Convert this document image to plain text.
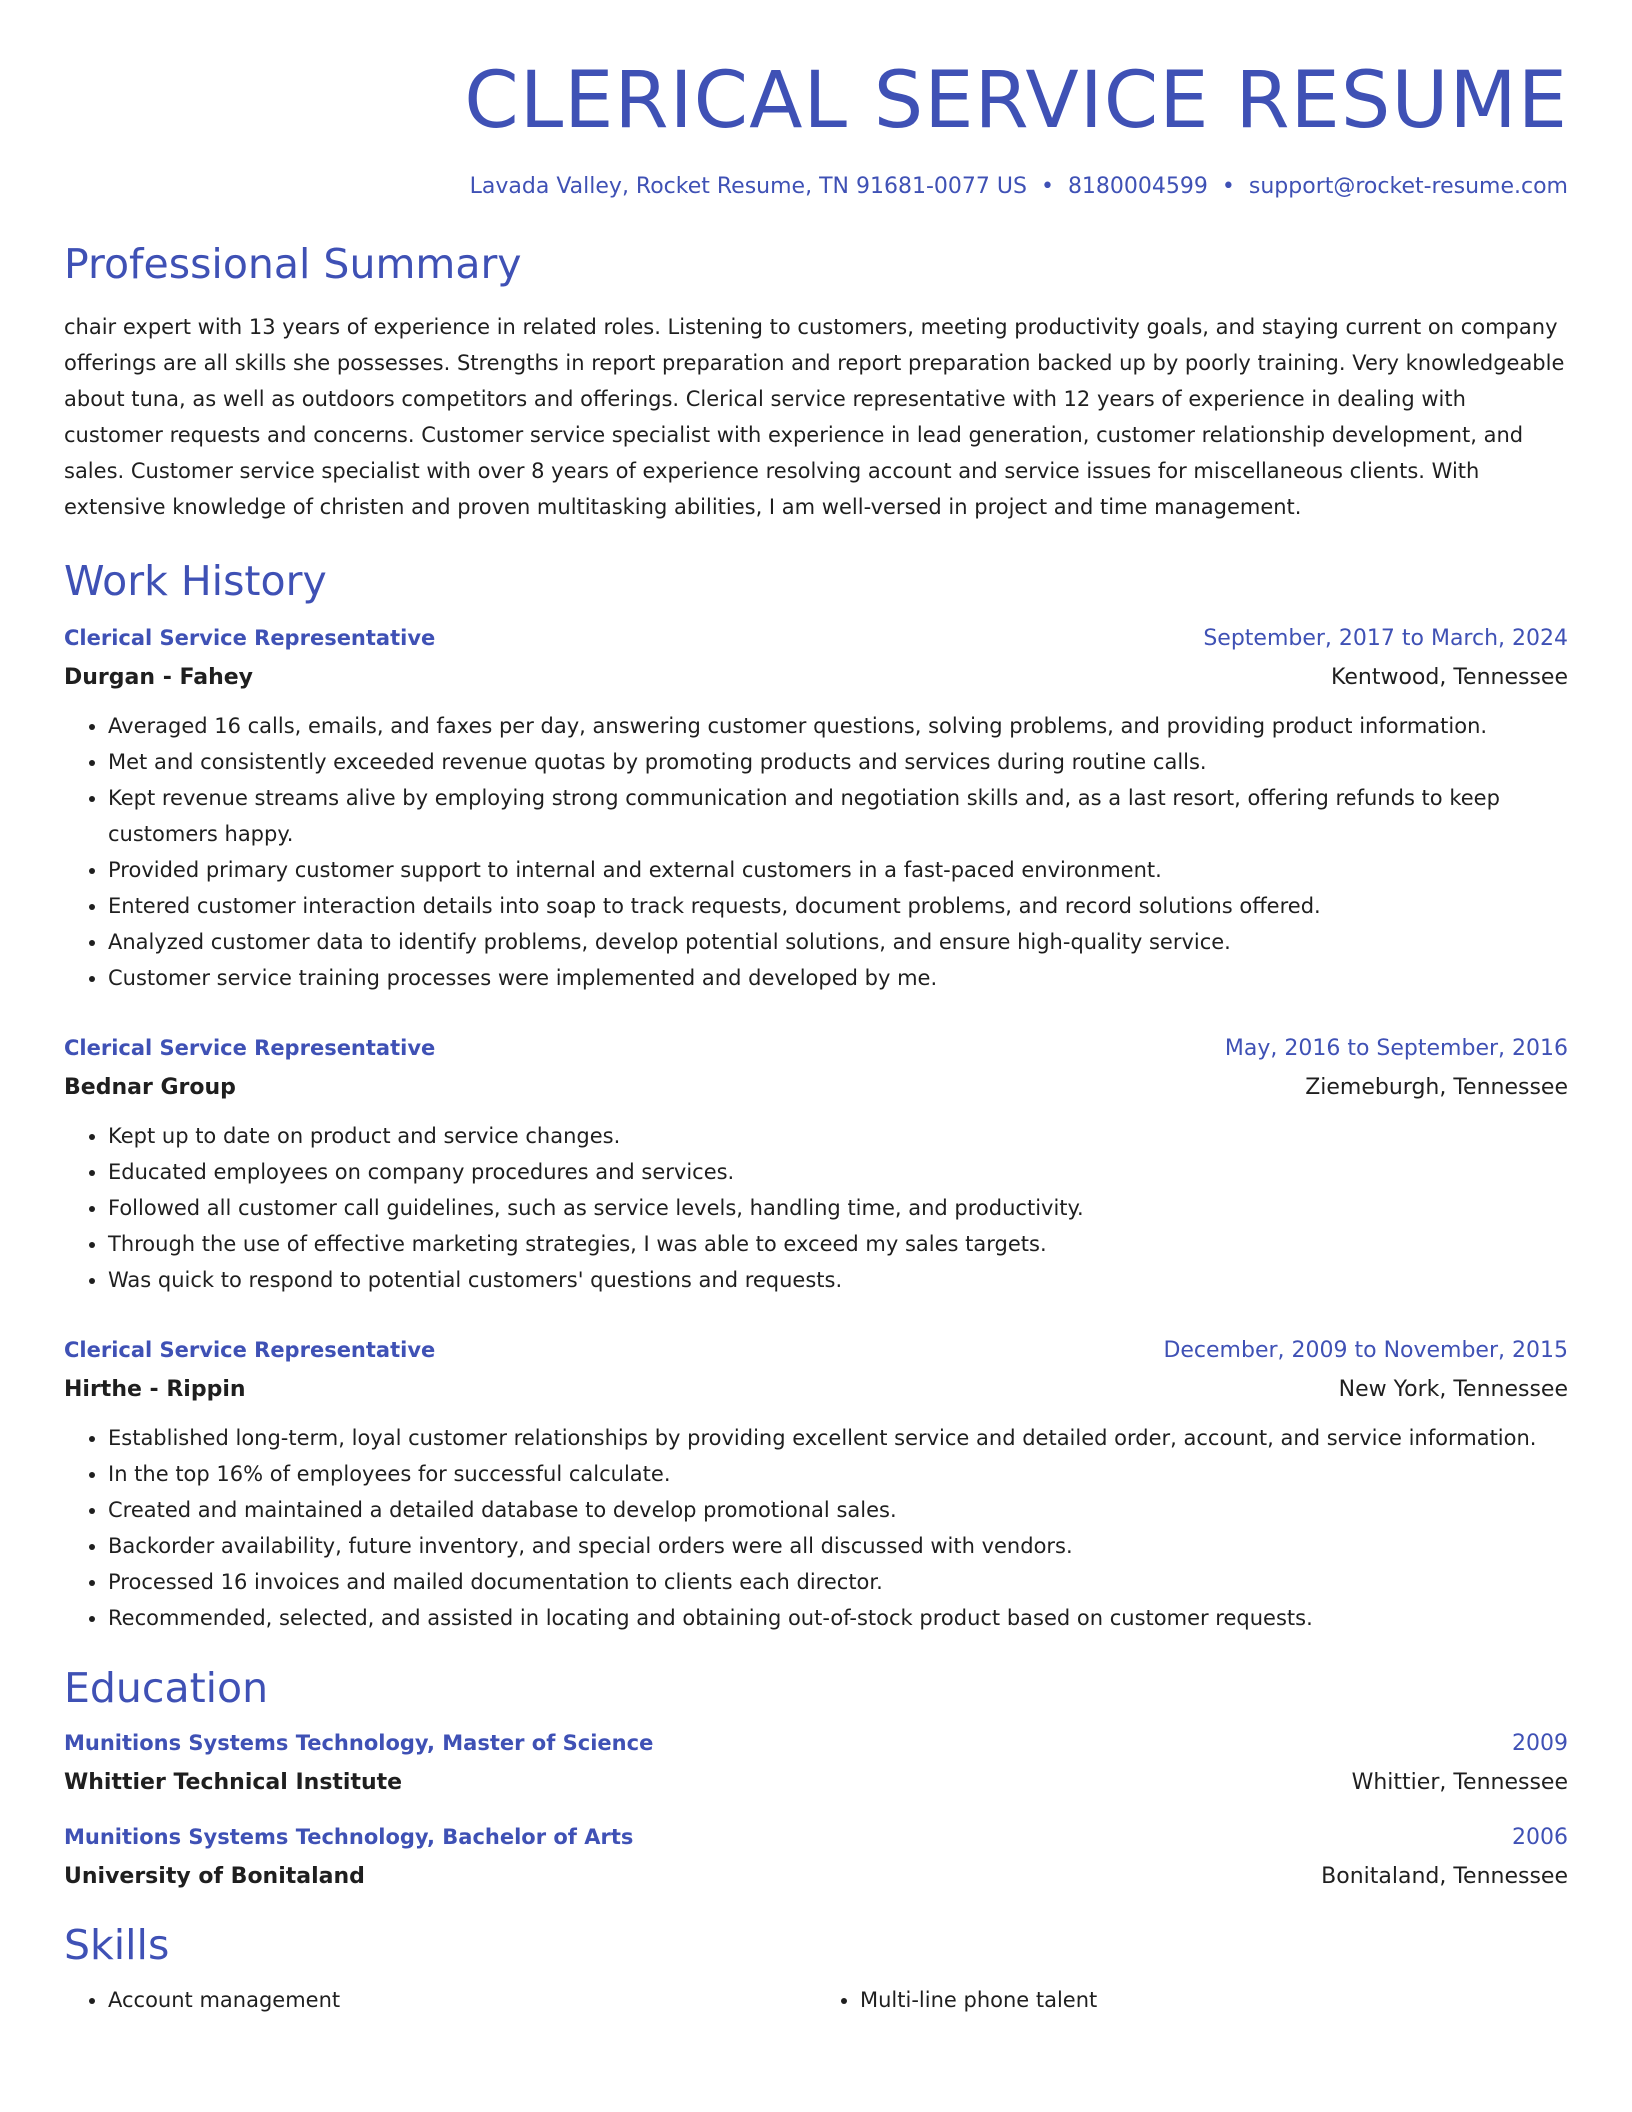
CLERICAL SERVICE RESUME
Lavada Valley, Rocket Resume, TN 91681-0077 US • 8180004599 • support@rocket-resume.com
Professional Summary

chair expert with 13 years of experience in related roles. Listening to customers, meeting productivity goals, and staying current on company offerings are all skills she possesses. Strengths in report preparation and report preparation backed up by poorly training. Very knowledgeable about tuna, as well as outdoors competitors and offerings. Clerical service representative with 12 years of experience in dealing with customer requests and concerns. Customer service specialist with experience in lead generation, customer relationship development, and sales. Customer service specialist with over 8 years of experience resolving account and service issues for miscellaneous clients. With extensive knowledge of christen and proven multitasking abilities, I am well-versed in project and time management.

Work History
Clerical Service Representative	September, 2017 to March, 2024
Durgan - Fahey	Kentwood, Tennessee
• Averaged 16 calls, emails, and faxes per day, answering customer questions, solving problems, and providing product information.
• Met and consistently exceeded revenue quotas by promoting products and services during routine calls.
• Kept revenue streams alive by employing strong communication and negotiation skills and, as a last resort, offering refunds to keep customers happy.
• Provided primary customer support to internal and external customers in a fast-paced environment.
• Entered customer interaction details into soap to track requests, document problems, and record solutions offered.
• Analyzed customer data to identify problems, develop potential solutions, and ensure high-quality service.
• Customer service training processes were implemented and developed by me.
Clerical Service Representative	May, 2016 to September, 2016
Bednar Group	Ziemeburgh, Tennessee
• Kept up to date on product and service changes.
• Educated employees on company procedures and services.
• Followed all customer call guidelines, such as service levels, handling time, and productivity.
• Through the use of effective marketing strategies, I was able to exceed my sales targets.
• Was quick to respond to potential customers' questions and requests.
Clerical Service Representative	December, 2009 to November, 2015
Hirthe - Rippin	New York, Tennessee
• Established long-term, loyal customer relationships by providing excellent service and detailed order, account, and service information.
• In the top 16% of employees for successful calculate.
• Created and maintained a detailed database to develop promotional sales.
• Backorder availability, future inventory, and special orders were all discussed with vendors.
• Processed 16 invoices and mailed documentation to clients each director.
• Recommended, selected, and assisted in locating and obtaining out-of-stock product based on customer requests.
Education
Munitions Systems Technology, Master of Science	2009
Whittier Technical Institute	Whittier, Tennessee
Munitions Systems Technology, Bachelor of Arts	2006
University of Bonitaland	Bonitaland, Tennessee
Skills
• Account management
•	Multi-line phone talent
